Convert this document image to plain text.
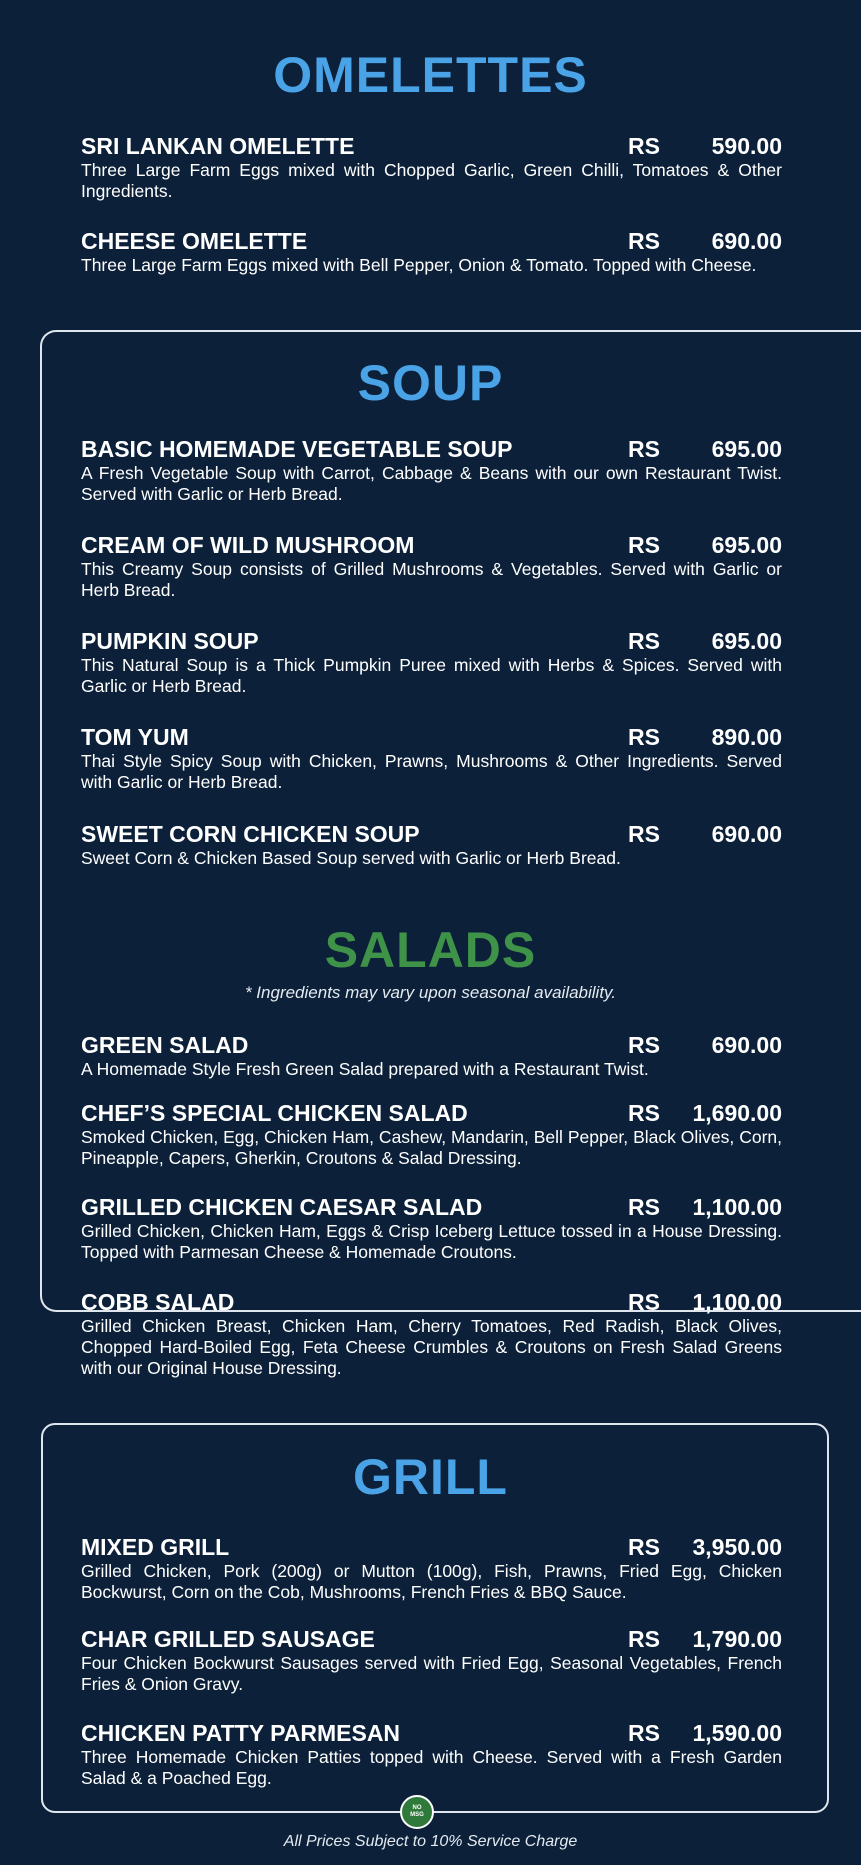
OMELETTES
SRI LANKAN OMELETTE	RS	590.00
Three Large Farm Eggs mixed with Chopped Garlic, Green Chilli, Tomatoes & Other Ingredients.
CHEESE OMELETTE	RS	690.00
Three Large Farm Eggs mixed with Bell Pepper, Onion & Tomato. Topped with Cheese.
SOUP
BASIC HOMEMADE VEGETABLE SOUP	RS	695.00
A Fresh Vegetable Soup with Carrot, Cabbage & Beans with our own Restaurant Twist. Served with Garlic or Herb Bread.
CREAM OF WILD MUSHROOM	RS	695.00
This Creamy Soup consists of Grilled Mushrooms & Vegetables. Served with Garlic or Herb Bread.
PUMPKIN SOUP	RS	695.00
This Natural Soup is a Thick Pumpkin Puree mixed with Herbs & Spices. Served with Garlic or Herb Bread.
TOM YUM	RS	890.00
Thai Style Spicy Soup with Chicken, Prawns, Mushrooms & Other Ingredients. Served with Garlic or Herb Bread.
SWEET CORN CHICKEN SOUP	RS	690.00
Sweet Corn & Chicken Based Soup served with Garlic or Herb Bread.
SALADS
* Ingredients may vary upon seasonal availability.
GREEN SALAD	RS	690.00
A Homemade Style Fresh Green Salad prepared with a Restaurant Twist.
CHEF’S SPECIAL CHICKEN SALAD	RS	1,690.00
Smoked Chicken, Egg, Chicken Ham, Cashew, Mandarin, Bell Pepper, Black Olives, Corn, Pineapple, Capers, Gherkin, Croutons & Salad Dressing.
GRILLED CHICKEN CAESAR SALAD	RS	1,100.00
Grilled Chicken, Chicken Ham, Eggs & Crisp Iceberg Lettuce tossed in a House Dressing. Topped with Parmesan Cheese & Homemade Croutons.
COBB SALAD	RS	1,100.00
Grilled Chicken Breast, Chicken Ham, Cherry Tomatoes, Red Radish, Black Olives, Chopped Hard-Boiled Egg, Feta Cheese Crumbles & Croutons on Fresh Salad Greens with our Original House Dressing.
GRILL
MIXED GRILL	RS	3,950.00
Grilled Chicken, Pork (200g) or Mutton (100g), Fish, Prawns, Fried Egg, Chicken Bockwurst, Corn on the Cob, Mushrooms, French Fries & BBQ Sauce.
CHAR GRILLED SAUSAGE	RS	1,790.00
Four Chicken Bockwurst Sausages served with Fried Egg, Seasonal Vegetables, French Fries & Onion Gravy.
CHICKEN PATTY PARMESAN	RS	1,590.00
Three Homemade Chicken Patties topped with Cheese. Served with a Fresh Garden Salad & a Poached Egg.
NO
MSG
All Prices Subject to 10% Service Charge
